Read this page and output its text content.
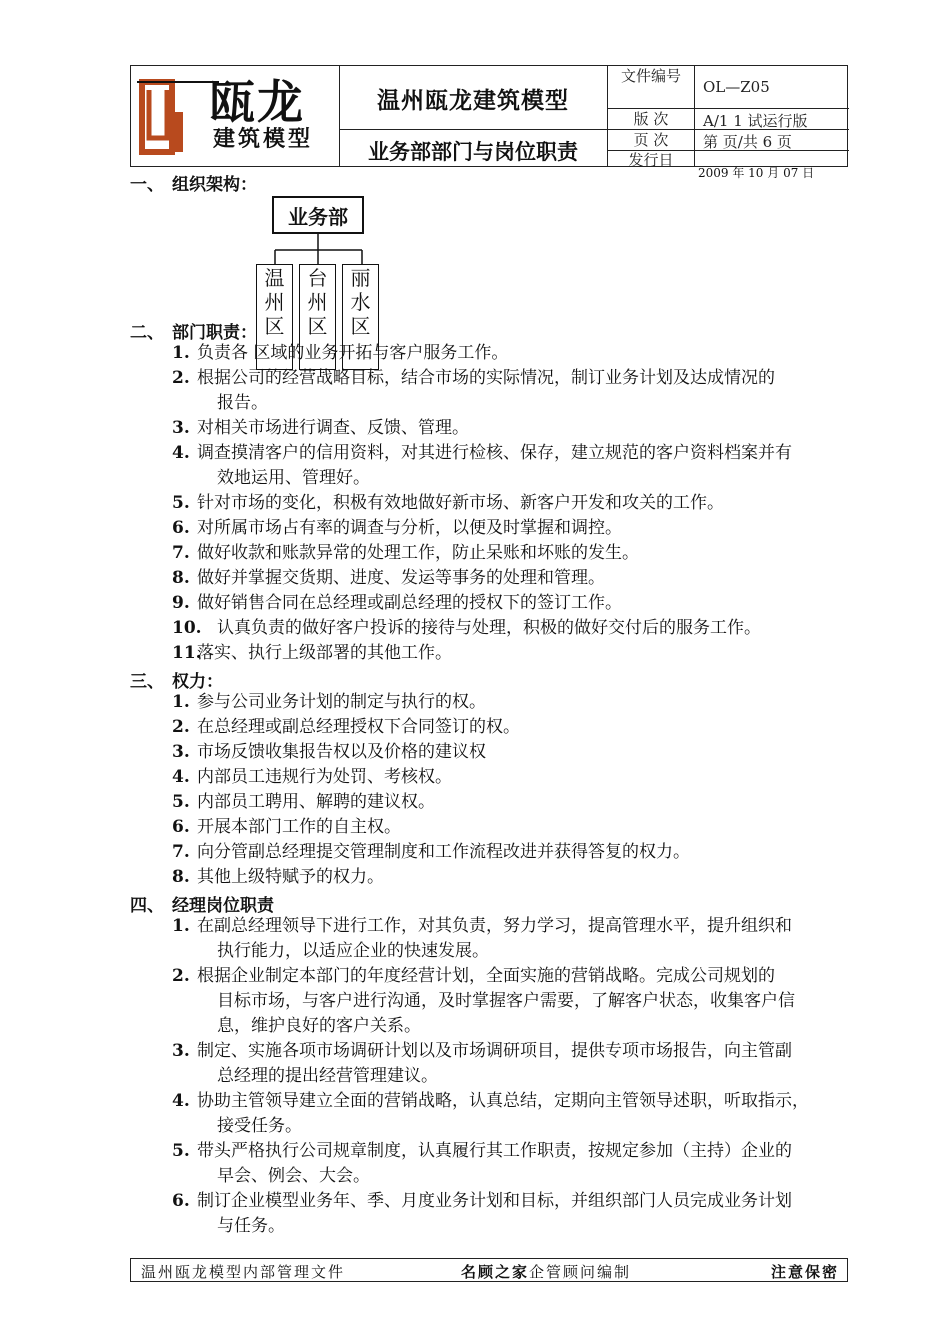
瓯龙
建筑模型
温州瓯龙建筑模型
业务部部门与岗位职责
文件编号
版 次
页 次
发行日
OL—Z05
A/1 1 试运行版
第 页/共 6 页
2009 年 10 月 07 日
一、 组织架构：
业务部
温州区
台州区
丽水区
二、 部门职责：
1. 负责各 区域的业务开拓与客户服务工作。
2. 根据公司的经营战略目标，结合市场的实际情况，制订业务计划及达成情况的
报告。
3. 对相关市场进行调查、反馈、管理。
4. 调查摸清客户的信用资料，对其进行检核、保存，建立规范的客户资料档案并有
效地运用、管理好。
5. 针对市场的变化，积极有效地做好新市场、新客户开发和攻关的工作。
6. 对所属市场占有率的调查与分析，以便及时掌握和调控。
7. 做好收款和账款异常的处理工作，防止呆账和坏账的发生。
8. 做好并掌握交货期、进度、发运等事务的处理和管理。
9. 做好销售合同在总经理或副总经理的授权下的签订工作。
10. 认真负责的做好客户投诉的接待与处理，积极的做好交付后的服务工作。
11.落实、执行上级部署的其他工作。
三、 权力：
1. 参与公司业务计划的制定与执行的权。
2. 在总经理或副总经理授权下合同签订的权。
3. 市场反馈收集报告权以及价格的建议权
4. 内部员工违规行为处罚、考核权。
5. 内部员工聘用、解聘的建议权。
6. 开展本部门工作的自主权。
7. 向分管副总经理提交管理制度和工作流程改进并获得答复的权力。
8. 其他上级特赋予的权力。
四、 经理岗位职责
1. 在副总经理领导下进行工作，对其负责，努力学习，提高管理水平，提升组织和
执行能力，以适应企业的快速发展。
2. 根据企业制定本部门的年度经营计划，全面实施的营销战略。完成公司规划的
目标市场，与客户进行沟通，及时掌握客户需要，了解客户状态，收集客户信
息，维护良好的客户关系。
3. 制定、实施各项市场调研计划以及市场调研项目，提供专项市场报告，向主管副
总经理的提出经营管理建议。
4. 协助主管领导建立全面的营销战略，认真总结，定期向主管领导述职，听取指示，
接受任务。
5. 带头严格执行公司规章制度，认真履行其工作职责，按规定参加（主持）企业的
早会、例会、大会。
6. 制订企业模型业务年、季、月度业务计划和目标，并组织部门人员完成业务计划
与任务。
温州瓯龙模型内部管理文件	名顾之家企管顾问编制	注意保密
